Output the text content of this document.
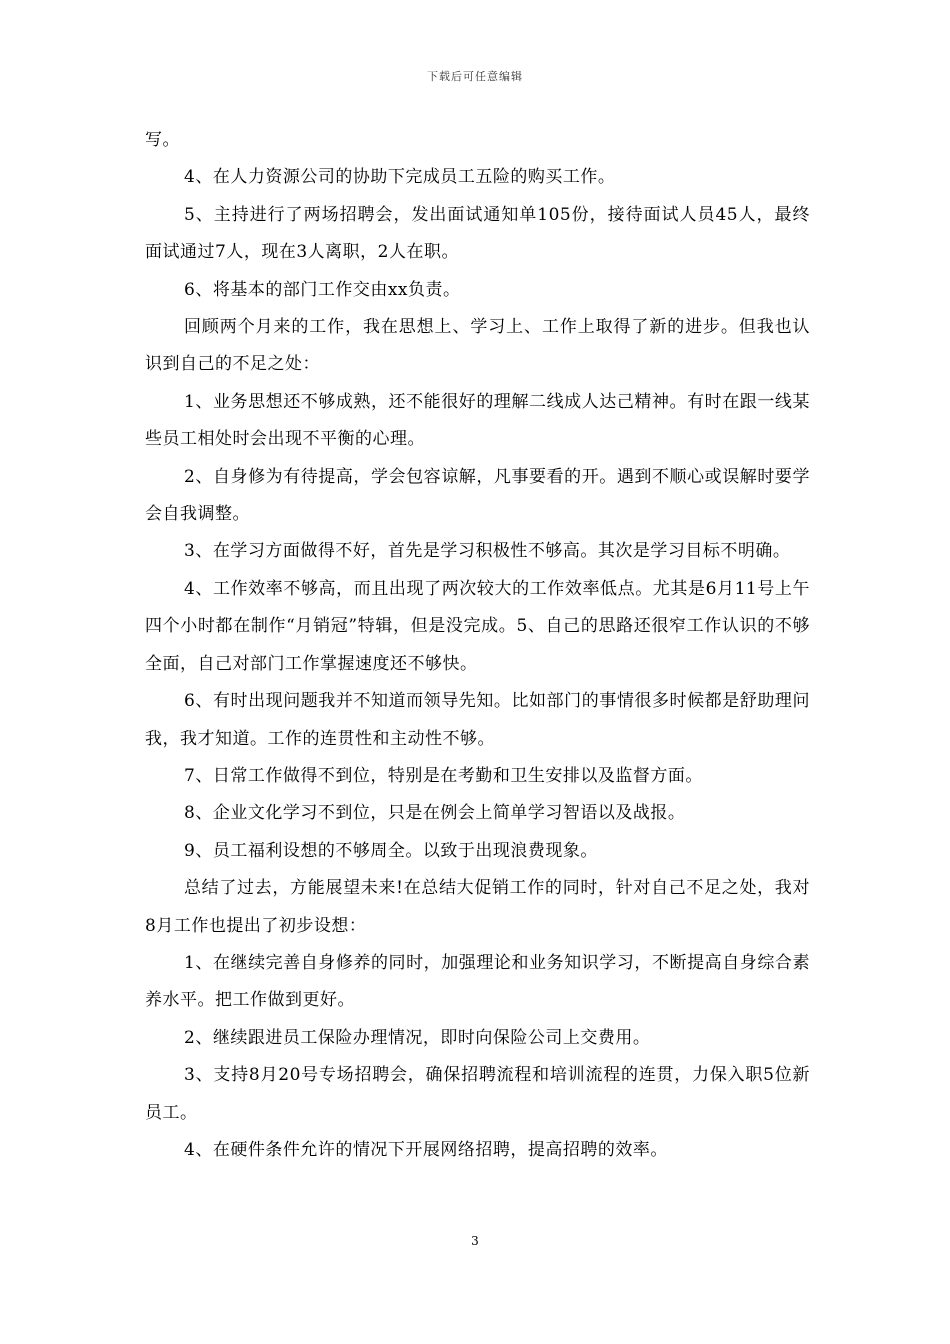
下载后可任意编辑

写。

4、在人力资源公司的协助下完成员工五险的购买工作。

5、主持进行了两场招聘会，发出面试通知单105份，接待面试人员45人，最终面试通过7人，现在3人离职，2人在职。

6、将基本的部门工作交由xx负责。

回顾两个月来的工作，我在思想上、学习上、工作上取得了新的进步。但我也认识到自己的不足之处：

1、业务思想还不够成熟，还不能很好的理解二线成人达己精神。有时在跟一线某些员工相处时会出现不平衡的心理。

2、自身修为有待提高，学会包容谅解，凡事要看的开。遇到不顺心或误解时要学会自我调整。

3、在学习方面做得不好，首先是学习积极性不够高。其次是学习目标不明确。

4、工作效率不够高，而且出现了两次较大的工作效率低点。尤其是6月11号上午四个小时都在制作“月销冠”特辑，但是没完成。5、自己的思路还很窄工作认识的不够全面，自己对部门工作掌握速度还不够快。

6、有时出现问题我并不知道而领导先知。比如部门的事情很多时候都是舒助理问我，我才知道。工作的连贯性和主动性不够。

7、日常工作做得不到位，特别是在考勤和卫生安排以及监督方面。

8、企业文化学习不到位，只是在例会上简单学习智语以及战报。

9、员工福利设想的不够周全。以致于出现浪费现象。

总结了过去，方能展望未来!在总结大促销工作的同时，针对自己不足之处，我对8月工作也提出了初步设想：

1、在继续完善自身修养的同时，加强理论和业务知识学习，不断提高自身综合素养水平。把工作做到更好。

2、继续跟进员工保险办理情况，即时向保险公司上交费用。

3、支持8月20号专场招聘会，确保招聘流程和培训流程的连贯，力保入职5位新员工。

4、在硬件条件允许的情况下开展网络招聘，提高招聘的效率。

3
